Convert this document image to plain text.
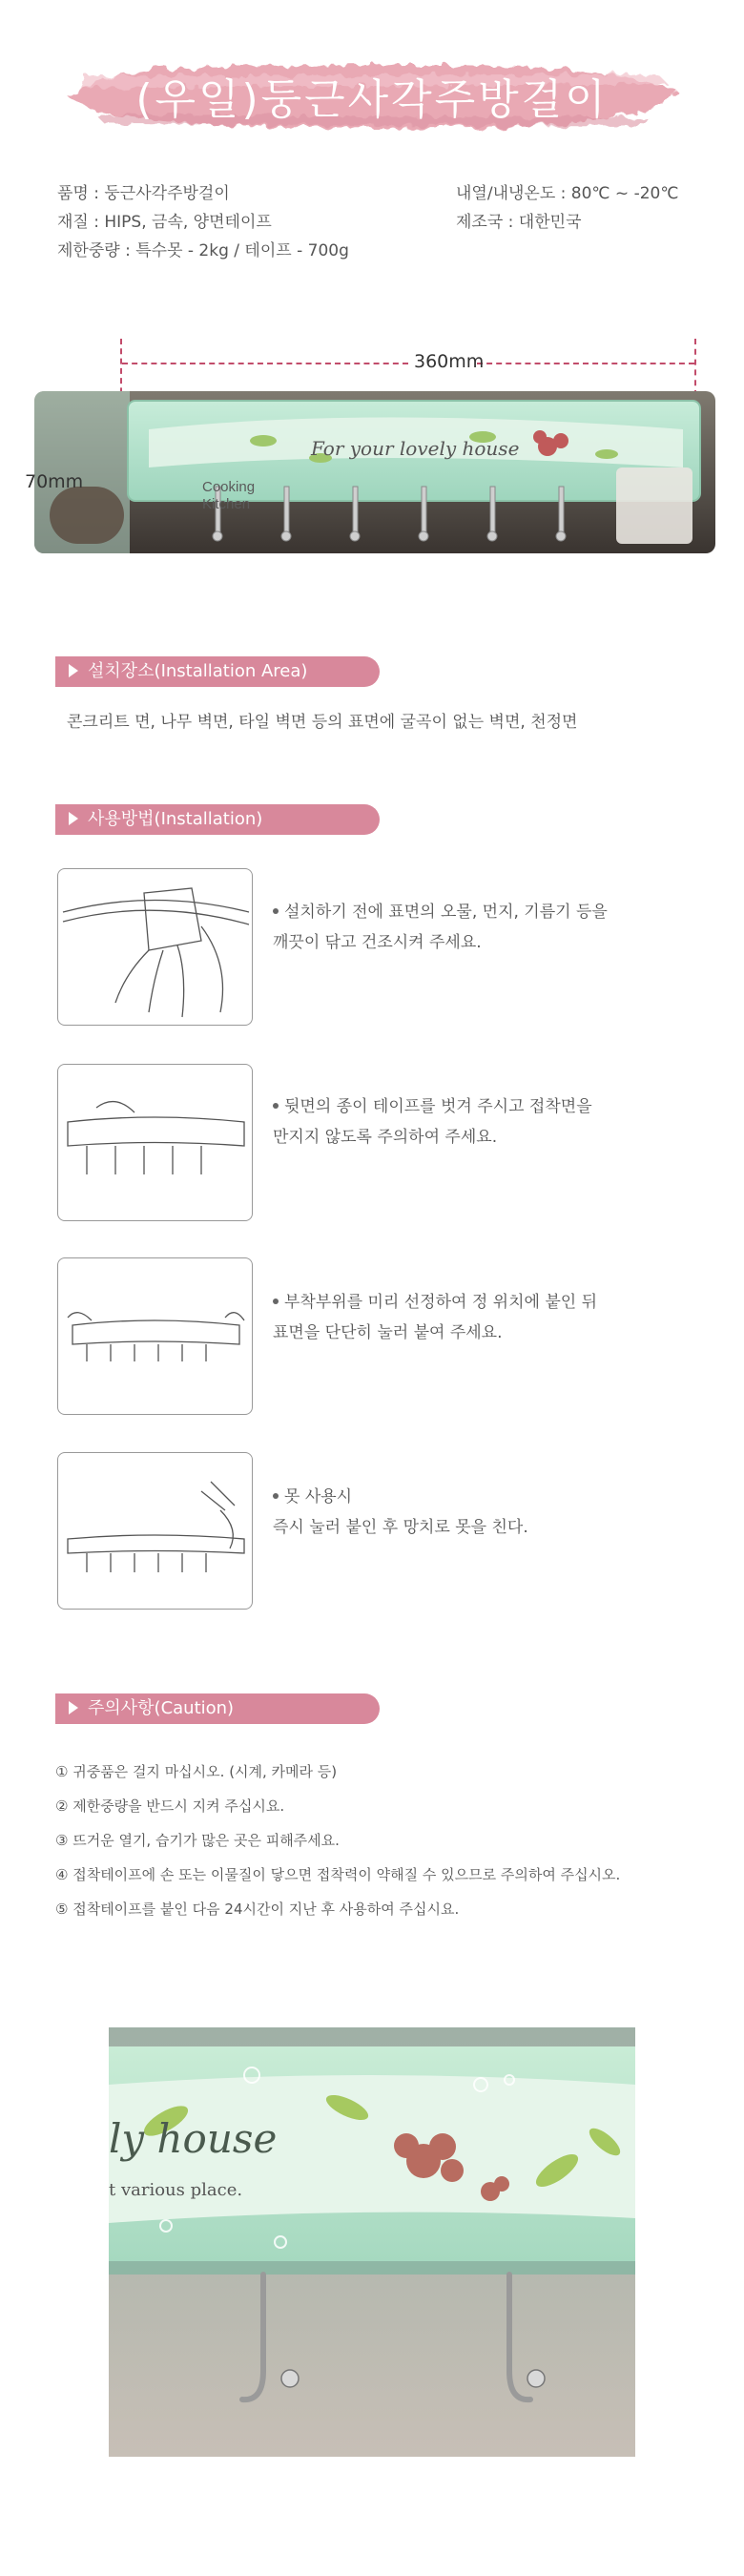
(우일)둥근사각주방걸이
품명 : 둥근사각주방걸이	내열/내냉온도 : 80℃ ~ -20℃
재질 : HIPS, 금속, 양면테이프	제조국 : 대한민국
제한중량 : 특수못 - 2kg / 테이프 - 700g
360mm
For your lovely house
Cooking Kitchen
70mm
설치장소(Installation Area)
콘크리트 면, 나무 벽면, 타일 벽면 등의 표면에 굴곡이 없는 벽면, 천정면
사용방법(Installation)
설치하기 전에 표면의 오물, 먼지, 기름기 등을
깨끗이 닦고 건조시켜 주세요.
뒷면의 종이 테이프를 벗겨 주시고 접착면을
만지지 않도록 주의하여 주세요.
부착부위를 미리 선정하여 정 위치에 붙인 뒤
표면을 단단히 눌러 붙여 주세요.
못 사용시
즉시 눌러 붙인 후 망치로 못을 친다.
주의사항(Caution)
① 귀중품은 걸지 마십시오. (시계, 카메라 등)
② 제한중량을 반드시 지켜 주십시요.
③ 뜨거운 열기, 습기가 많은 곳은 피해주세요.
④ 접착테이프에 손 또는 이물질이 닿으면 접착력이 약해질 수 있으므로 주의하여 주십시오.
⑤ 접착테이프를 붙인 다음 24시간이 지난 후 사용하여 주십시요.
ly house
t various place.
